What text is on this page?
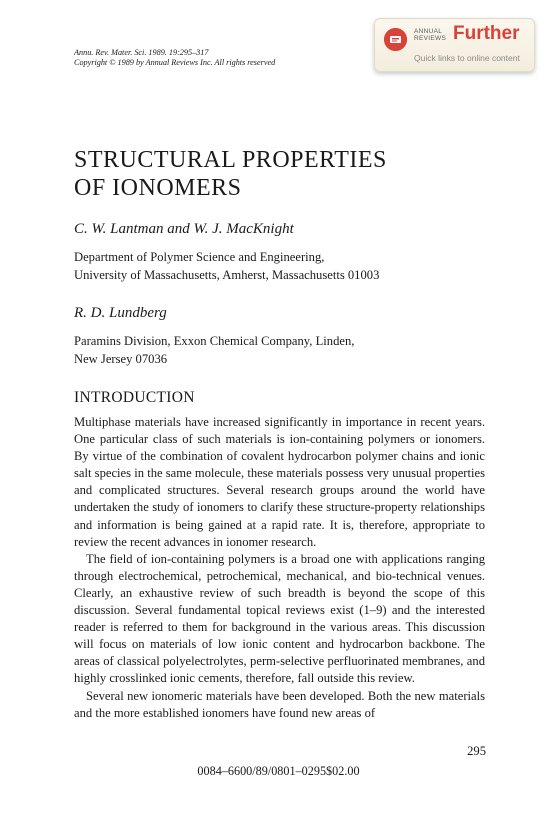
Annu. Rev. Mater. Sci. 1989. 19:295–317
Copyright © 1989 by Annual Reviews Inc. All rights reserved
ANNUAL REVIEWS Further
Quick links to online content
STRUCTURAL PROPERTIES
OF IONOMERS
C. W. Lantman and W. J. MacKnight
Department of Polymer Science and Engineering,
University of Massachusetts, Amherst, Massachusetts 01003
R. D. Lundberg
Paramins Division, Exxon Chemical Company, Linden,
New Jersey 07036
INTRODUCTION

Multiphase materials have increased significantly in importance in recent years. One particular class of such materials is ion-containing polymers or ionomers. By virtue of the combination of covalent hydrocarbon polymer chains and ionic salt species in the same molecule, these materials possess very unusual properties and complicated structures. Several research groups around the world have undertaken the study of ionomers to clarify these structure-property relationships and information is being gained at a rapid rate. It is, therefore, appropriate to review the recent advances in ionomer research.

The field of ion-containing polymers is a broad one with applications ranging through electrochemical, petrochemical, mechanical, and bio-technical venues. Clearly, an exhaustive review of such breadth is beyond the scope of this discussion. Several fundamental topical reviews exist (1–9) and the interested reader is referred to them for background in the various areas. This discussion will focus on materials of low ionic content and hydrocarbon backbone. The areas of classical polyelectrolytes, perm-selective perfluorinated membranes, and highly crosslinked ionic cements, therefore, fall outside this review.

Several new ionomeric materials have been developed. Both the new materials and the more established ionomers have found new areas of

295
0084–6600/89/0801–0295$02.00
